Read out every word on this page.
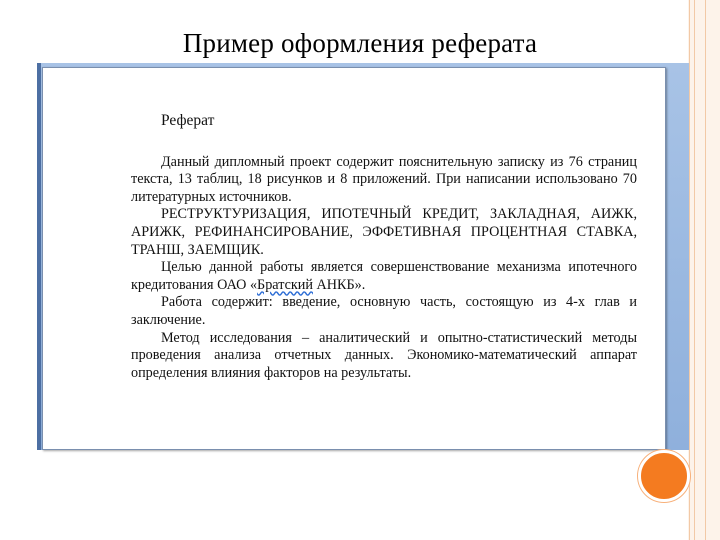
Пример оформления реферата
Реферат

Данный дипломный проект содержит пояснительную записку из 76 страниц текста, 13 таблиц, 18 рисунков и 8 приложений. При написании использовано 70 литературных источников.

РЕСТРУКТУРИЗАЦИЯ, ИПОТЕЧНЫЙ КРЕДИТ, ЗАКЛАДНАЯ, АИЖК, АРИЖК, РЕФИНАНСИРОВАНИЕ, ЭФФЕТИВНАЯ ПРОЦЕНТНАЯ СТАВКА, ТРАНШ, ЗАЕМЩИК.

Целью данной работы является совершенствование механизма ипотечного кредитования ОАО «Братский АНКБ».

Работа содержит: введение, основную часть, состоящую из 4-х глав и заключение.

Метод исследования – аналитический и опытно-статистический методы проведения анализа отчетных данных. Экономико-математический аппарат определения влияния факторов на результаты.
